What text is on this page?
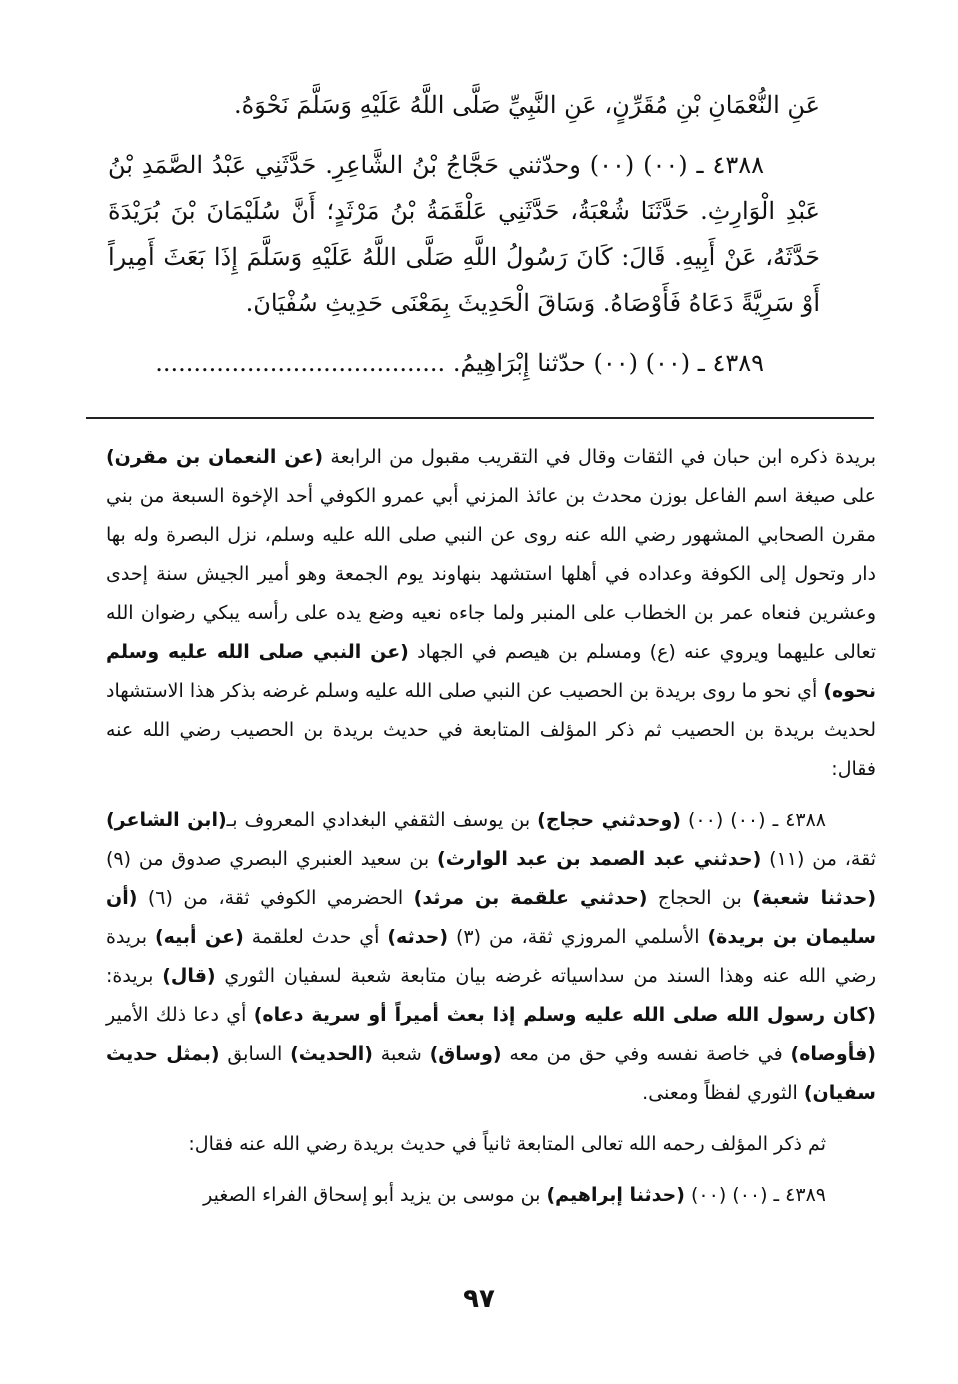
عَنِ النُّعْمَانِ بْنِ مُقَرِّنٍ، عَنِ النَّبِيِّ صَلَّى اللَّهُ عَلَيْهِ وَسَلَّمَ نَحْوَهُ.

٤٣٨٨ ـ (٠٠) (٠٠) وحدّثني حَجَّاجُ بْنُ الشَّاعِرِ. حَدَّثَنِي عَبْدُ الصَّمَدِ بْنُ عَبْدِ الْوَارِثِ. حَدَّثَنَا شُعْبَةُ، حَدَّثَنِي عَلْقَمَةُ بْنُ مَرْثَدٍ؛ أَنَّ سُلَيْمَانَ بْنَ بُرَيْدَةَ حَدَّثَهُ، عَنْ أَبِيهِ. قَالَ: كَانَ رَسُولُ اللَّهِ صَلَّى اللَّهُ عَلَيْهِ وَسَلَّمَ إِذَا بَعَثَ أَمِيراً أَوْ سَرِيَّةً دَعَاهُ فَأَوْصَاهُ. وَسَاقَ الْحَدِيثَ بِمَعْنَى حَدِيثِ سُفْيَانَ.

٤٣٨٩ ـ (٠٠) (٠٠) حدّثنا إِبْرَاهِيمُ. ......................................

بريدة ذكره ابن حبان في الثقات وقال في التقريب مقبول من الرابعة (عن النعمان بن مقرن) على صيغة اسم الفاعل بوزن محدث بن عائذ المزني أبي عمرو الكوفي أحد الإخوة السبعة من بني مقرن الصحابي المشهور رضي الله عنه روى عن النبي صلى الله عليه وسلم، نزل البصرة وله بها دار وتحول إلى الكوفة وعداده في أهلها استشهد بنهاوند يوم الجمعة وهو أمير الجيش سنة إحدى وعشرين فنعاه عمر بن الخطاب على المنبر ولما جاءه نعيه وضع يده على رأسه يبكي رضوان الله تعالى عليهما ويروي عنه (ع) ومسلم بن هيصم في الجهاد (عن النبي صلى الله عليه وسلم نحوه) أي نحو ما روى بريدة بن الحصيب عن النبي صلى الله عليه وسلم غرضه بذكر هذا الاستشهاد لحديث بريدة بن الحصيب ثم ذكر المؤلف المتابعة في حديث بريدة بن الحصيب رضي الله عنه فقال:

٤٣٨٨ ـ (٠٠) (٠٠) (وحدثني حجاج) بن يوسف الثقفي البغدادي المعروف بـ(ابن الشاعر) ثقة، من (١١) (حدثني عبد الصمد بن عبد الوارث) بن سعيد العنبري البصري صدوق من (٩) (حدثنا شعبة) بن الحجاج (حدثني علقمة بن مرثد) الحضرمي الكوفي ثقة، من (٦) (أن سليمان بن بريدة) الأسلمي المروزي ثقة، من (٣) (حدثه) أي حدث لعلقمة (عن أبيه) بريدة رضي الله عنه وهذا السند من سداسياته غرضه بيان متابعة شعبة لسفيان الثوري (قال) بريدة: (كان رسول الله صلى الله عليه وسلم إذا بعث أميراً أو سرية دعاه) أي دعا ذلك الأمير (فأوصاه) في خاصة نفسه وفي حق من معه (وساق) شعبة (الحديث) السابق (بمثل حديث سفيان) الثوري لفظاً ومعنى.

ثم ذكر المؤلف رحمه الله تعالى المتابعة ثانياً في حديث بريدة رضي الله عنه فقال:

٤٣٨٩ ـ (٠٠) (٠٠) (حدثنا إبراهيم) بن موسى بن يزيد أبو إسحاق الفراء الصغير

٩٧
